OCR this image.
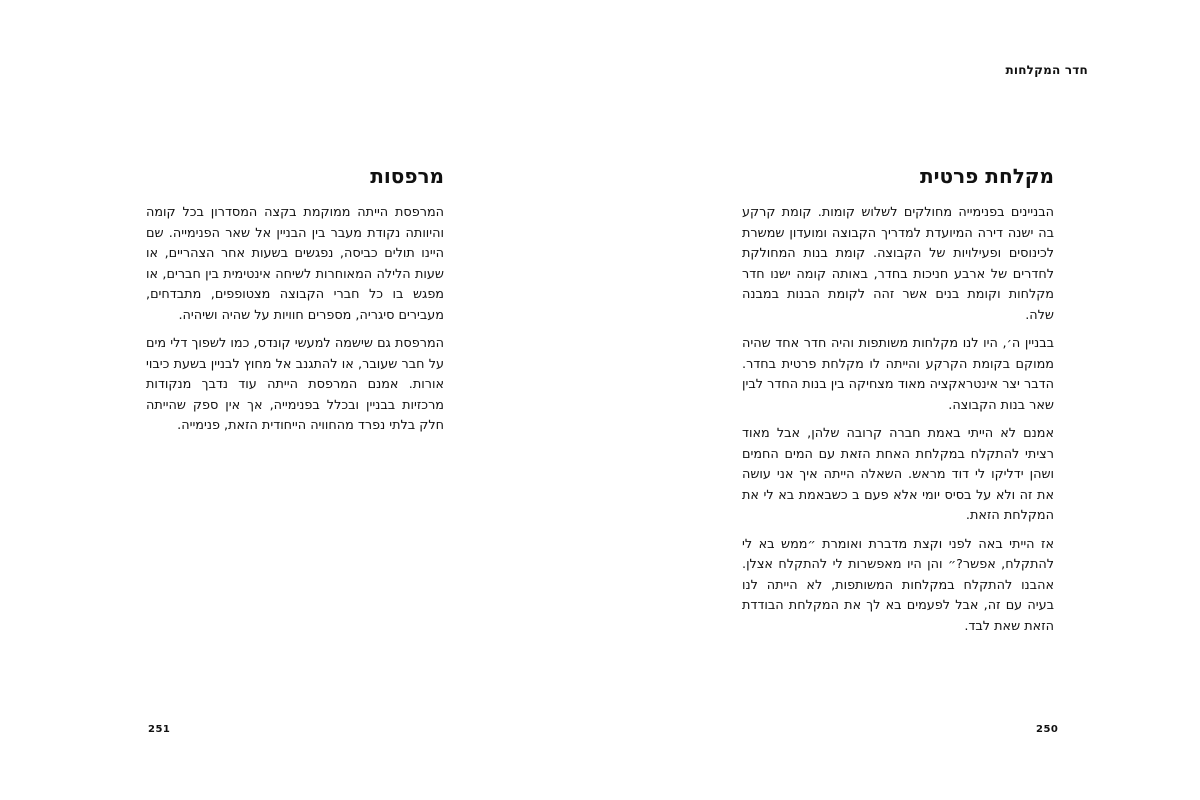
חדר המקלחות
מקלחת פרטית

הבניינים בפנימייה מחולקים לשלוש קומות. קומת קרקע בה ישנה דירה המיועדת למדריך הקבוצה ומועדון שמשרת לכינוסים ופעילויות של הקבוצה. קומת בנות המחולקת לחדרים של ארבע חניכות בחדר, באותה קומה ישנו חדר מקלחות וקומת בנים אשר זהה לקומת הבנות במבנה שלה.

בבניין ה׳, היו לנו מקלחות משותפות והיה חדר אחד שהיה ממוקם בקומת הקרקע והייתה לו מקלחת פרטית בחדר. הדבר יצר אינטראקציה מאוד מצחיקה בין בנות החדר לבין שאר בנות הקבוצה.

אמנם לא הייתי באמת חברה קרובה שלהן, אבל מאוד רציתי להתקלח במקלחת האחת הזאת עם המים החמים ושהן ידליקו לי דוד מראש. השאלה הייתה איך אני עושה את זה ולא על בסיס יומי אלא פעם ב כשבאמת בא לי את המקלחת הזאת.

אז הייתי באה לפני וקצת מדברת ואומרת ״ממש בא לי להתקלח, אפשר?״ והן היו מאפשרות לי להתקלח אצלן. אהבנו להתקלח במקלחות המשותפות, לא הייתה לנו בעיה עם זה, אבל לפעמים בא לך את המקלחת הבודדת הזאת שאת לבד.

מרפסות

המרפסת הייתה ממוקמת בקצה המסדרון בכל קומה והיוותה נקודת מעבר בין הבניין אל שאר הפנימייה. שם היינו תולים כביסה, נפגשים בשעות אחר הצהריים, או שעות הלילה המאוחרות לשיחה אינטימית בין חברים, או מפגש בו כל חברי הקבוצה מצטופפים, מתבדחים, מעבירים סיגריה, מספרים חוויות על שהיה ושיהיה.

המרפסת גם שישמה למעשי קונדס, כמו לשפוך דלי מים על חבר שעובר, או להתגנב אל מחוץ לבניין בשעת כיבוי אורות. אמנם המרפסת הייתה עוד נדבך מנקודות מרכזיות בבניין ובכלל בפנימייה, אך אין ספק שהייתה חלק בלתי נפרד מהחוויה הייחודית הזאת, פנימייה.

251	250
